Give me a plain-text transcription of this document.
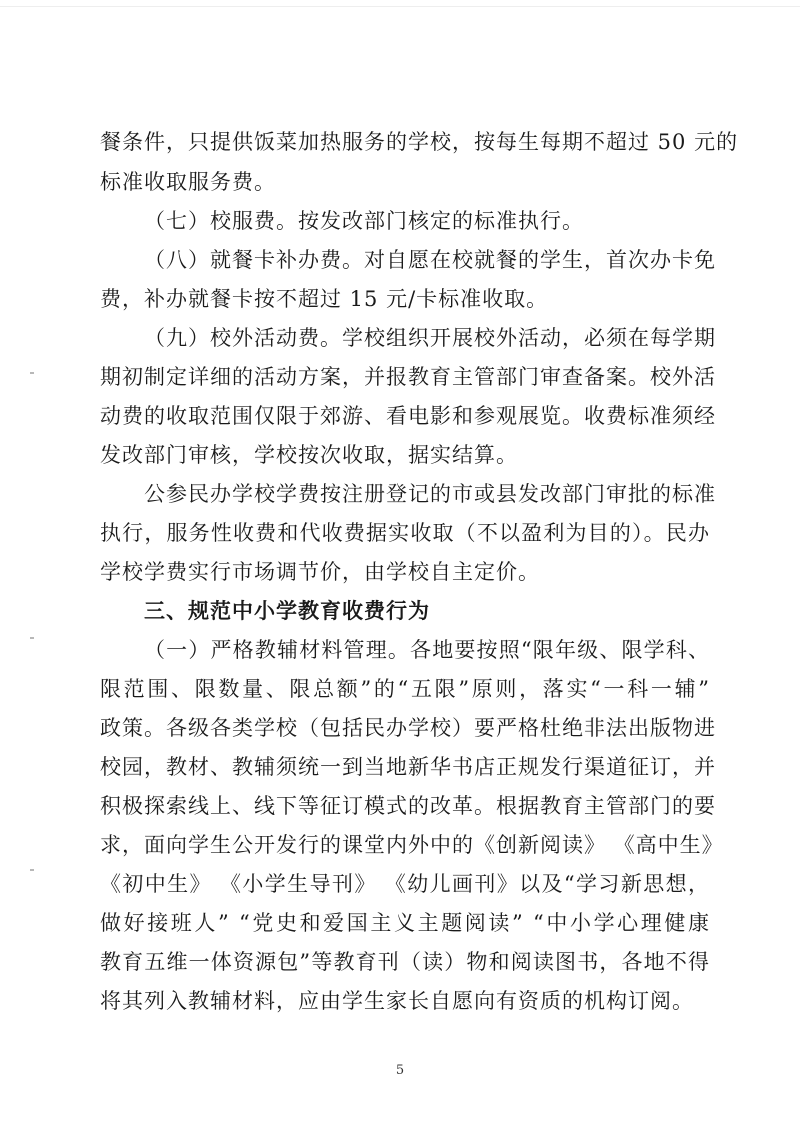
餐条件，只提供饭菜加热服务的学校，按每生每期不超过 50 元的
标准收取服务费。
（七）校服费。按发改部门核定的标准执行。
（八）就餐卡补办费。对自愿在校就餐的学生，首次办卡免
费，补办就餐卡按不超过 15 元/卡标准收取。
（九）校外活动费。学校组织开展校外活动，必须在每学期
期初制定详细的活动方案，并报教育主管部门审查备案。校外活
动费的收取范围仅限于郊游、看电影和参观展览。收费标准须经
发改部门审核，学校按次收取，据实结算。
公参民办学校学费按注册登记的市或县发改部门审批的标准
执行，服务性收费和代收费据实收取（不以盈利为目的）。民办
学校学费实行市场调节价，由学校自主定价。
三、规范中小学教育收费行为
（一）严格教辅材料管理。各地要按照“限年级、限学科、
限范围、限数量、限总额”的“五限”原则，落实“一科一辅”
政策。各级各类学校（包括民办学校）要严格杜绝非法出版物进
校园，教材、教辅须统一到当地新华书店正规发行渠道征订，并
积极探索线上、线下等征订模式的改革。根据教育主管部门的要
求，面向学生公开发行的课堂内外中的《创新阅读》 《高中生》
《初中生》 《小学生导刊》 《幼儿画刊》以及“学习新思想，
做好接班人” “党史和爱国主义主题阅读” “中小学心理健康
教育五维一体资源包”等教育刊（读）物和阅读图书，各地不得
将其列入教辅材料，应由学生家长自愿向有资质的机构订阅。
5
